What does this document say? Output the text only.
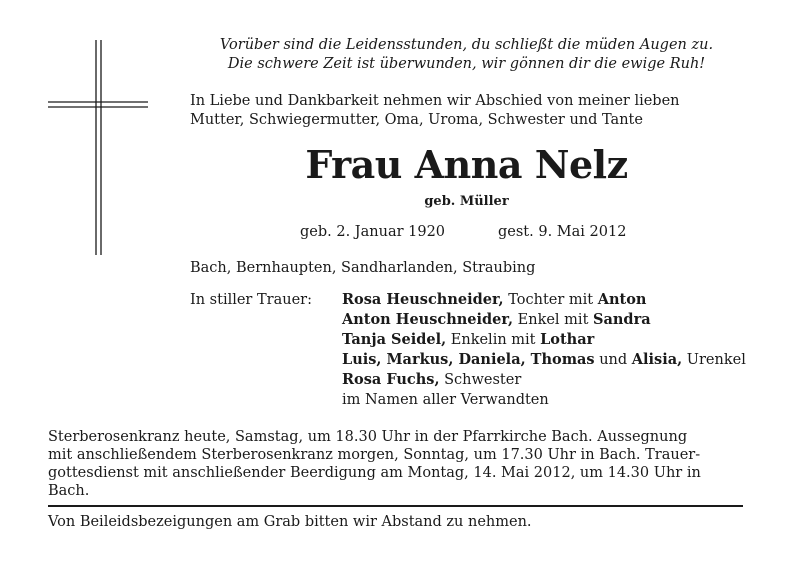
Vorüber sind die Leidensstunden, du schließt die müden Augen zu.
Die schwere Zeit ist überwunden, wir gönnen dir die ewige Ruh!
In Liebe und Dankbarkeit nehmen wir Abschied von meiner lieben
Mutter, Schwiegermutter, Oma, Uroma, Schwester und Tante
Frau Anna Nelz
geb. Müller
geb. 2. Januar 1920	gest. 9. Mai 2012
Bach, Bernhaupten, Sandharlanden, Straubing
In stiller Trauer: Rosa Heuschneider, Tochter mit Anton
Anton Heuschneider, Enkel mit Sandra
Tanja Seidel, Enkelin mit Lothar
Luis, Markus, Daniela, Thomas und Alisia, Urenkel
Rosa Fuchs, Schwester
im Namen aller Verwandten
Sterberosenkranz heute, Samstag, um 18.30 Uhr in der Pfarrkirche Bach. Aussegnung
mit anschließendem Sterberosenkranz morgen, Sonntag, um 17.30 Uhr in Bach. Trauer-
gottesdienst mit anschließender Beerdigung am Montag, 14. Mai 2012, um 14.30 Uhr in
Bach.
Von Beileidsbezeigungen am Grab bitten wir Abstand zu nehmen.
